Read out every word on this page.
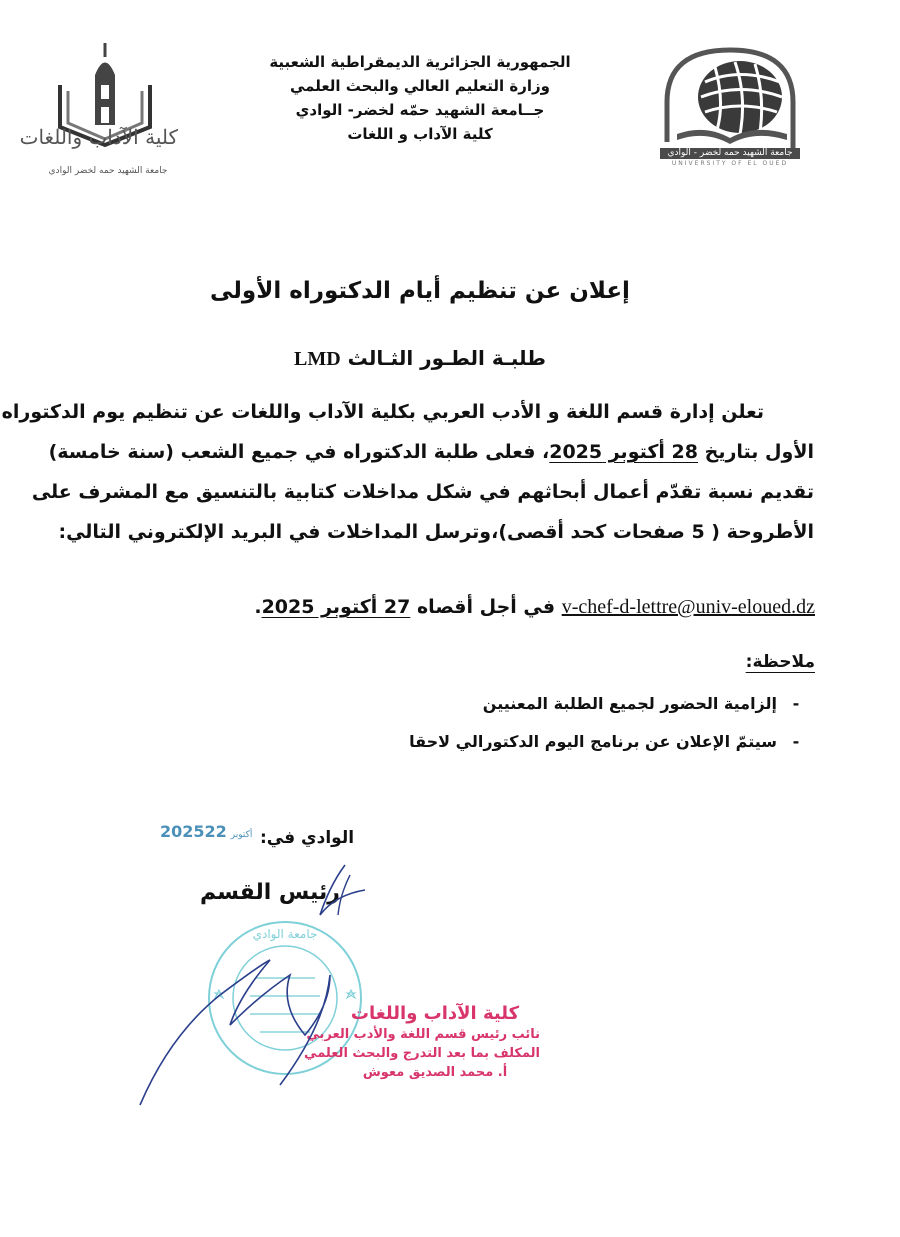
كلية الآداب واللغات
جامعة الشهيد حمه لخضر الوادي
الجمهورية الجزائرية الديمقراطية الشعبية
وزارة التعليم العالي والبحث العلمي
جــامعة الشهيد حمّه لخضر- الوادي
كلية الآداب و اللغات
جامعة الشهيد حمه لخضر - الوادي
UNIVERSITY OF EL OUED
إعلان عن تنظيم أيام الدكتوراه الأولى
طلبـة الطـور الثـالث LMD
تعلن إدارة قسم اللغة و الأدب العربي بكلية الآداب واللغات عن تنظيم يوم الدكتوراه
الأول بتاريخ 28 أكتوبر 2025، فعلى طلبة الدكتوراه في جميع الشعب (سنة خامسة)
تقديم نسبة تقدّم أعمال أبحاثهم في شكل مداخلات كتابية بالتنسيق مع المشرف على
الأطروحة ( 5 صفحات كحد أقصى)،وترسل المداخلات في البريد الإلكتروني التالي:
v-chef-d-lettre@univ-eloued.dz في أجل أقصاه 27 أكتوبر 2025.
ملاحظة:
-إلزامية الحضور لجميع الطلبة المعنيين
-سيتمّ الإعلان عن برنامج اليوم الدكتورالي لاحقا
2025	أكتوبر22	الوادي في:
رئيس القسم
جامعة الوادي
كلية الآداب واللغات
نائب رئيس قسم اللغة والأدب العربي
المكلف بما بعد التدرج والبحث العلمي
أ. محمد الصديق معوش
